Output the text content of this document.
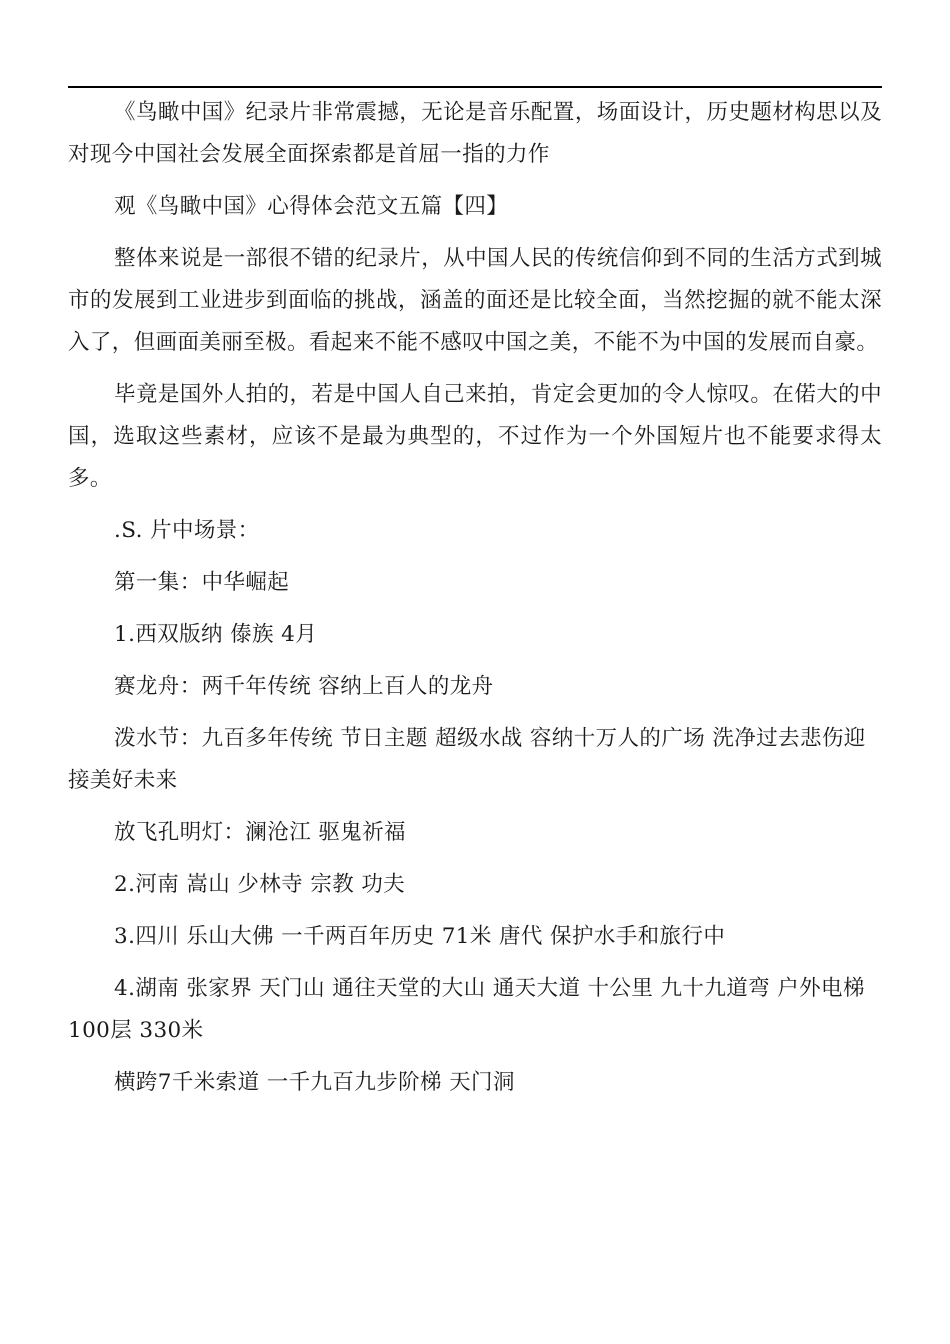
《鸟瞰中国》纪录片非常震撼，无论是音乐配置，场面设计，历史题材构思以及对现今中国社会发展全面探索都是首屈一指的力作

观《鸟瞰中国》心得体会范文五篇【四】

整体来说是一部很不错的纪录片，从中国人民的传统信仰到不同的生活方式到城市的发展到工业进步到面临的挑战，涵盖的面还是比较全面，当然挖掘的就不能太深入了，但画面美丽至极。看起来不能不感叹中国之美，不能不为中国的发展而自豪。

毕竟是国外人拍的，若是中国人自己来拍，肯定会更加的令人惊叹。在偌大的中国，选取这些素材，应该不是最为典型的，不过作为一个外国短片也不能要求得太多。

.S. 片中场景：

第一集：中华崛起

1.西双版纳 傣族 4月

赛龙舟：两千年传统 容纳上百人的龙舟

泼水节：九百多年传统 节日主题 超级水战 容纳十万人的广场 洗净过去悲伤迎接美好未来

放飞孔明灯：澜沧江 驱鬼祈福

2.河南 嵩山 少林寺 宗教 功夫

3.四川 乐山大佛 一千两百年历史 71米 唐代 保护水手和旅行中

4.湖南 张家界 天门山 通往天堂的大山 通天大道 十公里 九十九道弯 户外电梯 100层 330米

横跨7千米索道 一千九百九步阶梯 天门洞
